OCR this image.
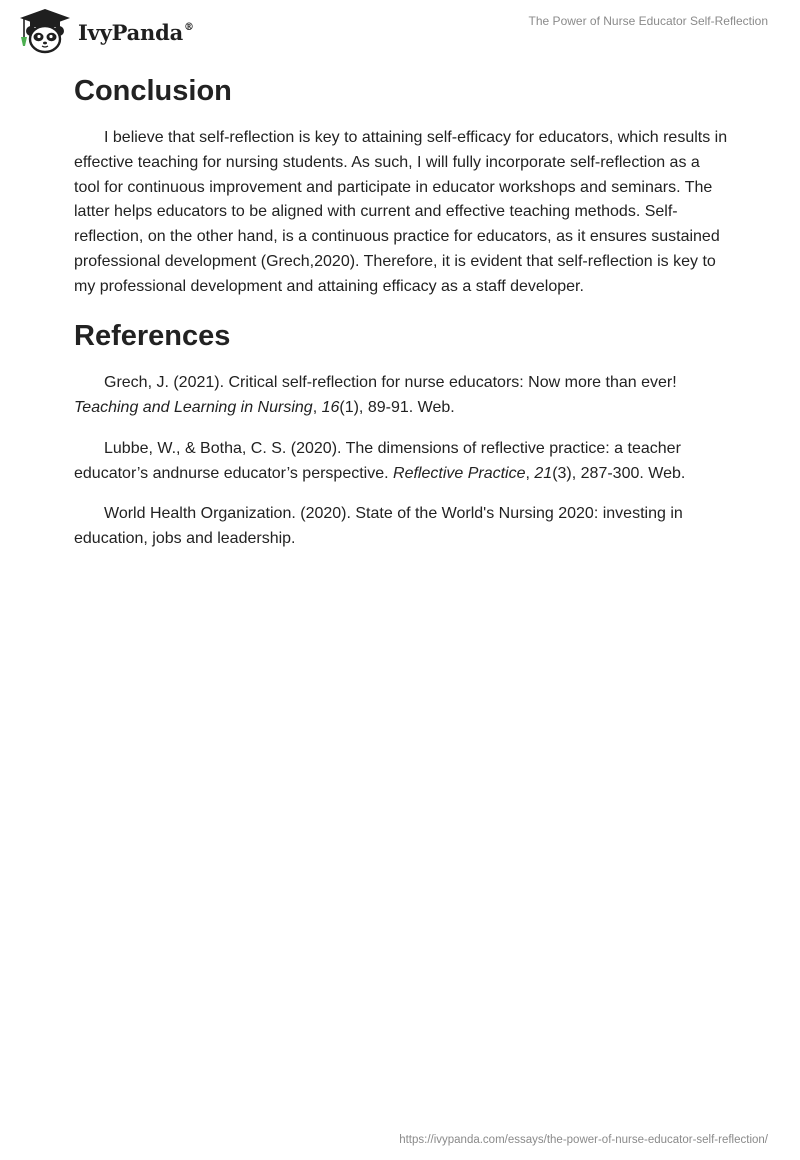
IvyPanda®	The Power of Nurse Educator Self-Reflection
Conclusion

I believe that self-reflection is key to attaining self-efficacy for educators, which results in effective teaching for nursing students. As such, I will fully incorporate self-reflection as a tool for continuous improvement and participate in educator workshops and seminars. The latter helps educators to be aligned with current and effective teaching methods. Self-reflection, on the other hand, is a continuous practice for educators, as it ensures sustained professional development (Grech,2020). Therefore, it is evident that self-reflection is key to my professional development and attaining efficacy as a staff developer.

References

Grech, J. (2021). Critical self-reflection for nurse educators: Now more than ever! Teaching and Learning in Nursing, 16(1), 89-91. Web.

Lubbe, W., & Botha, C. S. (2020). The dimensions of reflective practice: a teacher educator’s andnurse educator’s perspective. Reflective Practice, 21(3), 287-300. Web.

World Health Organization. (2020). State of the World's Nursing 2020: investing in education, jobs and leadership.

https://ivypanda.com/essays/the-power-of-nurse-educator-self-reflection/
